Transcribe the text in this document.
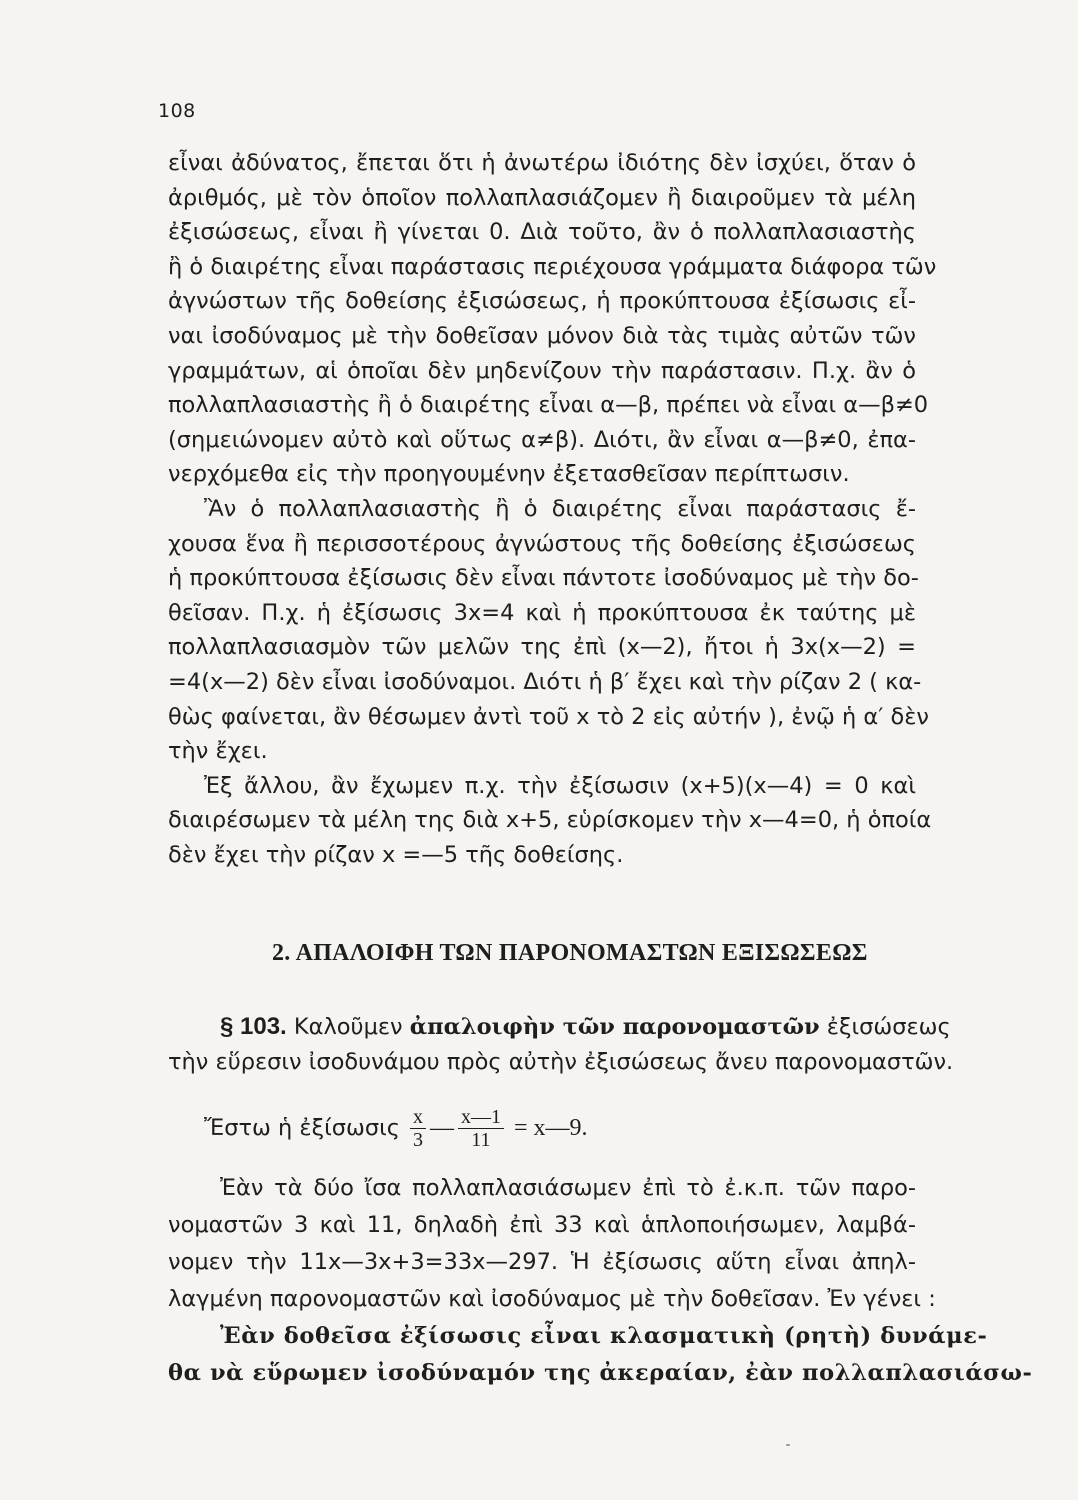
108
εἶναι ἀδύνατος, ἔπεται ὅτι ἡ ἀνωτέρω ἰδιότης δὲν ἰσχύει, ὅταν ὁ
ἀριθμός, μὲ τὸν ὁποῖον πολλαπλασιάζομεν ἢ διαιροῦμεν τὰ μέλη
ἐξισώσεως, εἶναι ἢ γίνεται 0. Διὰ τοῦτο, ἂν ὁ πολλαπλασιαστὴς
ἢ ὁ διαιρέτης εἶναι παράστασις περιέχουσα γράμματα διάφορα τῶν
ἀγνώστων τῆς δοθείσης ἐξισώσεως, ἡ προκύπτουσα ἐξίσωσις εἶ-
ναι ἰσοδύναμος μὲ τὴν δοθεῖσαν μόνον διὰ τὰς τιμὰς αὐτῶν τῶν
γραμμάτων, αἱ ὁποῖαι δὲν μηδενίζουν τὴν παράστασιν. Π.χ. ἂν ὁ
πολλαπλασιαστὴς ἢ ὁ διαιρέτης εἶναι α—β, πρέπει νὰ εἶναι α—β≠0
(σημειώνομεν αὐτὸ καὶ οὕτως α≠β). Διότι, ἂν εἶναι α—β≠0, ἐπα-
νερχόμεθα εἰς τὴν προηγουμένην ἐξετασθεῖσαν περίπτωσιν.
Ἂν ὁ πολλαπλασιαστὴς ἢ ὁ διαιρέτης εἶναι παράστασις ἔ-
χουσα ἕνα ἢ περισσοτέρους ἀγνώστους τῆς δοθείσης ἐξισώσεως
ἡ προκύπτουσα ἐξίσωσις δὲν εἶναι πάντοτε ἰσοδύναμος μὲ τὴν δο-
θεῖσαν. Π.χ. ἡ ἐξίσωσις 3x=4 καὶ ἡ προκύπτουσα ἐκ ταύτης μὲ
πολλαπλασιασμὸν τῶν μελῶν της ἐπὶ (x—2), ἤτοι ἡ 3x(x—2) =
=4(x—2) δὲν εἶναι ἰσοδύναμοι. Διότι ἡ β′ ἔχει καὶ τὴν ρίζαν 2 ( κα-
θὼς φαίνεται, ἂν θέσωμεν ἀντὶ τοῦ x τὸ 2 εἰς αὐτήν ), ἐνῷ ἡ α′ δὲν
τὴν ἔχει.
Ἐξ ἄλλου, ἂν ἔχωμεν π.χ. τὴν ἐξίσωσιν (x+5)(x—4) = 0 καὶ
διαιρέσωμεν τὰ μέλη της διὰ x+5, εὑρίσκομεν τὴν x—4=0, ἡ ὁποία
δὲν ἔχει τὴν ρίζαν x =—5 τῆς δοθείσης.
2. ΑΠΑΛΟΙΦΗ ΤΩΝ ΠΑΡΟΝΟΜΑΣΤΩΝ ΕΞΙΣΩΣΕΩΣ
§ 103. Καλοῦμεν ἀπαλοιφὴν τῶν παρονομαστῶν ἐξισώσεως
τὴν εὕρεσιν ἰσοδυνάμου πρὸς αὐτὴν ἐξισώσεως ἄνευ παρονομαστῶν.
Ἔστω ἡ ἐξίσωσις $\frac{x}{3}$ — $\frac{x—1}{11}$ = x—9.
Ἐὰν τὰ δύο ἴσα πολλαπλασιάσωμεν ἐπὶ τὸ ἐ.κ.π. τῶν παρο-
νομαστῶν 3 καὶ 11, δηλαδὴ ἐπὶ 33 καὶ ἁπλοποιήσωμεν, λαμβά-
νομεν τὴν 11x—3x+3=33x—297. Ἡ ἐξίσωσις αὕτη εἶναι ἀπηλ-
λαγμένη παρονομαστῶν καὶ ἰσοδύναμος μὲ τὴν δοθεῖσαν. Ἐν γένει :
Ἐὰν δοθεῖσα ἐξίσωσις εἶναι κλασματικὴ (ρητὴ) δυνάμε-
θα νὰ εὕρωμεν ἰσοδύναμόν της ἀκεραίαν, ἐὰν πολλαπλασιάσω-
